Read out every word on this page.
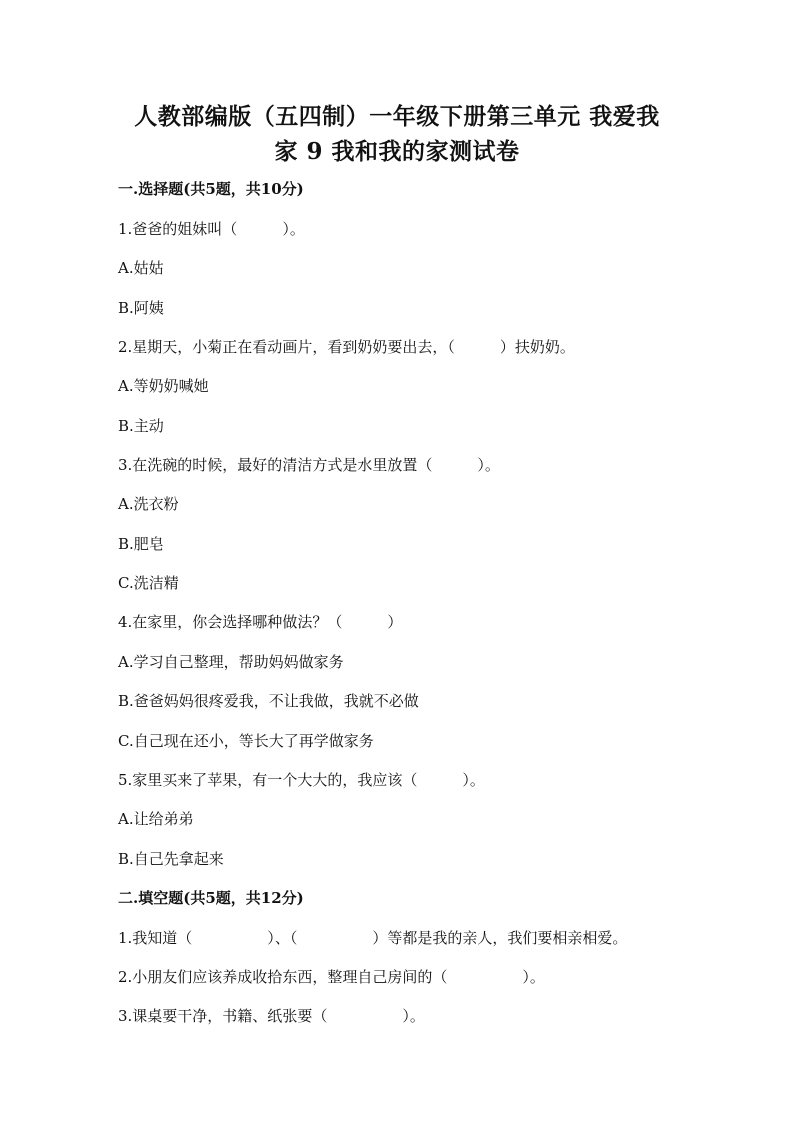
人教部编版（五四制）一年级下册第三单元 我爱我
家 9 我和我的家测试卷
一.选择题(共5题，共10分)
1.爸爸的姐妹叫（　　　）。
A.姑姑
B.阿姨
2.星期天，小菊正在看动画片，看到奶奶要出去，（　　　）扶奶奶。
A.等奶奶喊她
B.主动
3.在洗碗的时候，最好的清洁方式是水里放置（　　　）。
A.洗衣粉
B.肥皂
C.洗洁精
4.在家里，你会选择哪种做法？（　　　）
A.学习自己整理，帮助妈妈做家务
B.爸爸妈妈很疼爱我，不让我做，我就不必做
C.自己现在还小，等长大了再学做家务
5.家里买来了苹果，有一个大大的，我应该（　　　）。
A.让给弟弟
B.自己先拿起来
二.填空题(共5题，共12分)
1.我知道（　　　　　）、（　　　　　）等都是我的亲人，我们要相亲相爱。
2.小朋友们应该养成收拾东西，整理自己房间的（　　　　　）。
3.课桌要干净，书籍、纸张要（　　　　　）。
